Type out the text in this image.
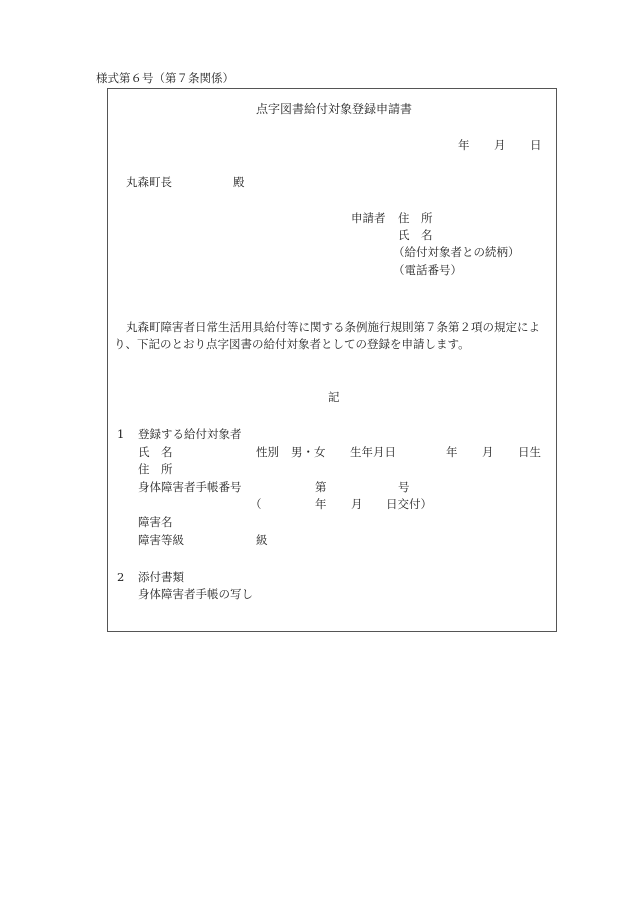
様式第６号（第７条関係）
点字図書給付対象登録申請書
年 月 日
丸森町長	殿
申請者 住　所
氏　名
（給付対象者との続柄）
（電話番号）
丸森町障害者日常生活用具給付等に関する条例施行規則第７条第２項の規定によ
り、下記のとおり点字図書の給付対象者としての登録を申請します。
記
1 登録する給付対象者
氏　名	性別 男・女 生年月日	年 月 日生
住　所
身体障害者手帳番号	第	号
（	年 月 日交付）
障害名
障害等級	級
2 添付書類
身体障害者手帳の写し
